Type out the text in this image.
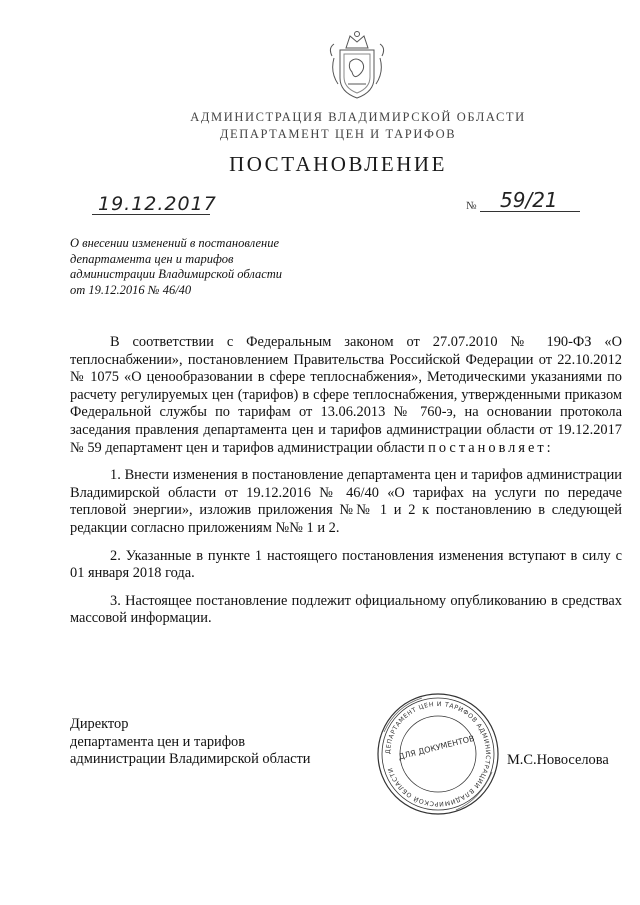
АДМИНИСТРАЦИЯ ВЛАДИМИРСКОЙ ОБЛАСТИ
ДЕПАРТАМЕНТ ЦЕН И ТАРИФОВ
ПОСТАНОВЛЕНИЕ
19.12.2017	№ 59/21
О внесении изменений в постановление
департамента цен и тарифов
администрации Владимирской области
от 19.12.2016 № 46/40

В соответствии с Федеральным законом от 27.07.2010 № 190-ФЗ «О теплоснабжении», постановлением Правительства Российской Федерации от 22.10.2012 № 1075 «О ценообразовании в сфере теплоснабжения», Методическими указаниями по расчету регулируемых цен (тарифов) в сфере теплоснабжения, утвержденными приказом Федеральной службы по тарифам от 13.06.2013 № 760-э, на основании протокола заседания правления департамента цен и тарифов администрации области от 19.12.2017 № 59 департамент цен и тарифов администрации области постановляет:

1. Внести изменения в постановление департамента цен и тарифов администрации Владимирской области от 19.12.2016 № 46/40 «О тарифах на услуги по передаче тепловой энергии», изложив приложения №№ 1 и 2 к постановлению в следующей редакции согласно приложениям №№ 1 и 2.

2. Указанные в пункте 1 настоящего постановления изменения вступают в силу с 01 января 2018 года.

3. Настоящее постановление подлежит официальному опубликованию в средствах массовой информации.

Директор
департамента цен и тарифов
администрации Владимирской области	ДЕПАРТАМЕНТ ЦЕН И ТАРИФОВ АДМИНИСТРАЦИИ ВЛАДИМИРСКОЙ ОБЛАСТИ
ДЛЯ ДОКУМЕНТОВ М.С.Новоселова
